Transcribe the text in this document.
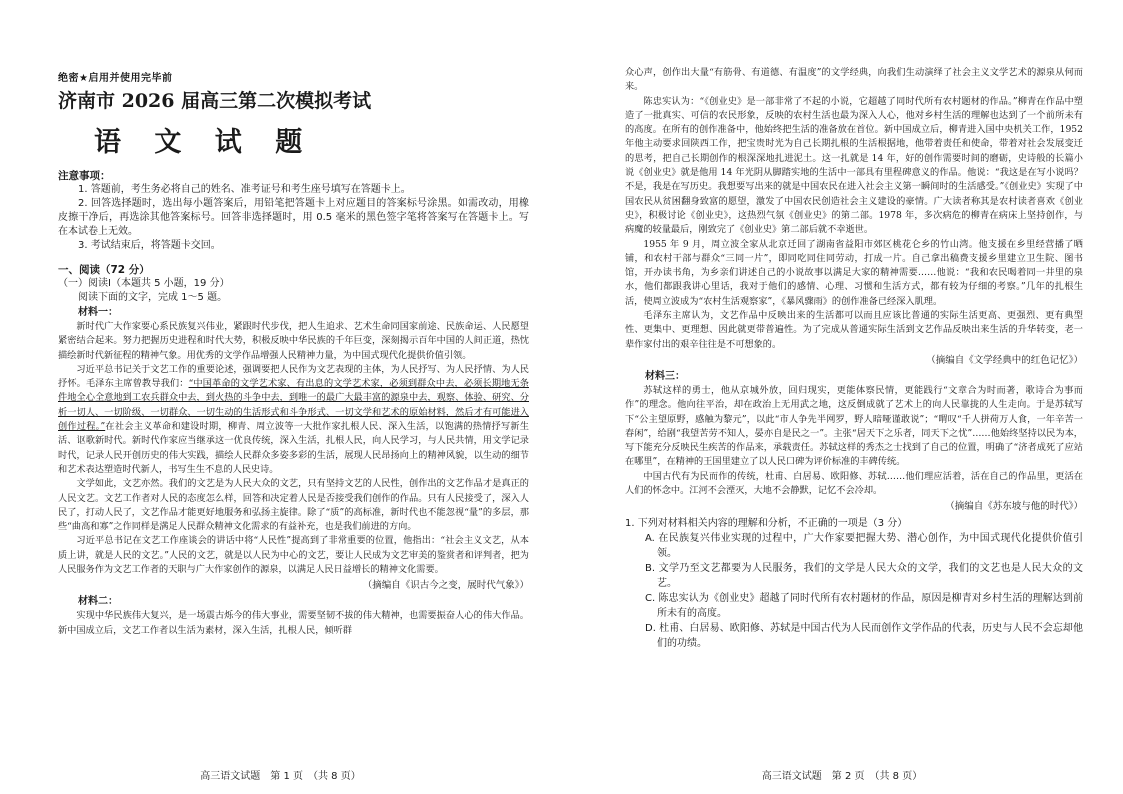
绝密★启用并使用完毕前
济南市 2026 届高三第二次模拟考试
语 文 试 题
注意事项：

1. 答题前，考生务必将自己的姓名、准考证号和考生座号填写在答题卡上。

2. 回答选择题时，选出每小题答案后，用铅笔把答题卡上对应题目的答案标号涂黑。如需改动，用橡皮擦干净后，再选涂其他答案标号。回答非选择题时，用 0.5 毫米的黑色签字笔将答案写在答题卡上。写在本试卷上无效。

3. 考试结束后，将答题卡交回。

一、阅读（72 分）
（一）阅读Ⅰ（本题共 5 小题，19 分）
阅读下面的文字，完成 1～5 题。
材料一：

新时代广大作家要心系民族复兴伟业，紧跟时代步伐，把人生追求、艺术生命同国家前途、民族命运、人民愿望紧密结合起来。努力把握历史进程和时代大势，积极反映中华民族的千年巨变，深刻揭示百年中国的人间正道，热忱描绘新时代新征程的精神气象。用优秀的文学作品增强人民精神力量，为中国式现代化提供价值引领。

习近平总书记关于文艺工作的重要论述，强调要把人民作为文艺表现的主体，为人民抒写、为人民抒情、为人民抒怀。毛泽东主席曾教导我们：“中国革命的文学艺术家、有出息的文学艺术家，必须到群众中去，必须长期地无条件地全心全意地到工农兵群众中去，到火热的斗争中去，到唯一的最广大最丰富的源泉中去，观察、体验、研究、分析一切人、一切阶级、一切群众、一切生动的生活形式和斗争形式、一切文学和艺术的原始材料，然后才有可能进入创作过程。”在社会主义革命和建设时期，柳青、周立波等一大批作家扎根人民、深入生活，以饱满的热情抒写新生活、讴歌新时代。新时代作家应当继承这一优良传统，深入生活，扎根人民，向人民学习，与人民共情，用文学记录时代，记录人民开创历史的伟大实践，描绘人民群众多姿多彩的生活，展现人民昂扬向上的精神风貌，以生动的细节和艺术表达塑造时代新人，书写生生不息的人民史诗。

文学如此，文艺亦然。我们的文艺是为人民大众的文艺，只有坚持文艺的人民性，创作出的文艺作品才是真正的人民文艺。文艺工作者对人民的态度怎么样，回答和决定着人民是否接受我们创作的作品。只有人民接受了，深入人民了，打动人民了，文艺作品才能更好地服务和弘扬主旋律。除了“质”的高标准，新时代也不能忽视“量”的多层，那些“曲高和寡”之作同样是满足人民群众精神文化需求的有益补充，也是我们前进的方向。

习近平总书记在文艺工作座谈会的讲话中将“人民性”提高到了非常重要的位置，他指出：“社会主义文艺，从本质上讲，就是人民的文艺。”人民的文艺，就是以人民为中心的文艺，要让人民成为文艺审美的鉴赏者和评判者，把为人民服务作为文艺工作者的天职与广大作家创作的源泉，以满足人民日益增长的精神文化需要。

（摘编自《识古今之变，展时代气象》）
材料二：

实现中华民族伟大复兴，是一场震古烁今的伟大事业，需要坚韧不拔的伟大精神，也需要振奋人心的伟大作品。新中国成立后，文艺工作者以生活为素材，深入生活，扎根人民，倾听群

高三语文试题　第 1 页　（共 8 页）

众心声，创作出大量“有筋骨、有道德、有温度”的文学经典，向我们生动演绎了社会主义文学艺术的源泉从何而来。

陈忠实认为：“《创业史》是一部非常了不起的小说，它超越了同时代所有农村题材的作品。”柳青在作品中塑造了一批真实、可信的农民形象，反映的农村生活也最为深入人心，他对乡村生活的理解也达到了一个前所未有的高度。在所有的创作准备中，他始终把生活的准备放在首位。新中国成立后，柳青进入国中央机关工作，1952 年他主动要求回陕西工作，把宝贵时光为自己长期扎根的生活根据地，他带着责任和使命，带着对社会发展变迁的思考，把自己长期创作的根深深地扎进泥土。这一扎就是 14 年，好的创作需要时间的磨砺，史诗般的长篇小说《创业史》就是他用 14 年光阴从脚踏实地的生活中一部具有里程碑意义的作品。他说：“我这是在写小说吗？不是，我是在写历史。我想要写出来的就是中国农民在进入社会主义第一瞬间时的生活感受。”《创业史》实现了中国农民从贫困翻身致富的愿望，激发了中国农民创造社会主义建设的豪情。广大读者称其是农村读者喜欢《创业史》，积极讨论《创业史》，这热烈气氛《创业史》的第二部。1978 年，多次病危的柳青在病床上坚持创作，与病魔的较量最后，刚致完了《创业史》第二部后就不幸逝世。

1955 年 9 月，周立波全家从北京迁回了湖南省益阳市郊区桃花仑乡的竹山湾。他支援在乡里经营播了晒铺，和农村干部与群众“三同一片”，即同吃同住同劳动，打成一片。自己拿出稿费支援乡里建立卫生院、图书馆，开办读书角，为乡亲们讲述自己的小说故事以满足大家的精神需要……他说：“我和农民喝着同一井里的泉水，他们都跟我讲心里话，我对于他们的感情、心理、习惯和生活方式，都有较为仔细的考察。”几年的扎根生活，使周立波成为“农村生活观察家”，《暴风骤雨》的创作准备已经深入肌理。

毛泽东主席认为，文艺作品中反映出来的生活都可以而且应该比普通的实际生活更高、更强烈、更有典型性、更集中、更理想、因此就更带普遍性。为了完成从普通实际生活到文艺作品反映出来生活的升华转变，老一辈作家付出的艰辛往往是不可想象的。

（摘编自《文学经典中的红色记忆》）
材料三：

苏轼这样的勇士，他从京城外放，回归现实，更能体察民情，更能践行“文章合为时而著，歌诗合为事而作”的理念。他向往平治，却在政治上无用武之地，这反倒成就了艺术上的向人民靠拢的人生走向。于是苏轼写下“公主望原野，感触为黎元”，以此“市人争先半网罗，野人暗哑谨敢说”；“喟叹“千人拼荷万人食，一年辛苦一春闲”，给剧“我望苦劳不知人，晏亦自是民之一”。主张“居天下之乐者，同天下之忧”……他始终坚持以民为本，写下能充分反映民生疾苦的作品来，承载责任。苏轼这样的秀杰之士找到了自己的位置，明确了“济者成死了应站在哪里”，在精神的王国里建立了以人民口碑为评价标准的丰碑传统。

中国古代有为民而作的传统，杜甫、白居易、欧阳修、苏轼……他们理应活着，活在自己的作品里，更活在人们的怀念中。江河不会湮灭，大地不会静默，记忆不会冷却。

（摘编自《苏东坡与他的时代》）
1. 下列对材料相关内容的理解和分析，不正确的一项是（3 分）
A. 在民族复兴伟业实现的过程中，广大作家要把握大势、潜心创作，为中国式现代化提供价值引领。
B. 文学乃至文艺都要为人民服务，我们的文学是人民大众的文学，我们的文艺也是人民大众的文艺。
C. 陈忠实认为《创业史》超越了同时代所有农村题材的作品，原因是柳青对乡村生活的理解达到前所未有的高度。
D. 杜甫、白居易、欧阳修、苏轼是中国古代为人民而创作文学作品的代表，历史与人民不会忘却他们的功绩。
高三语文试题　第 2 页　（共 8 页）
